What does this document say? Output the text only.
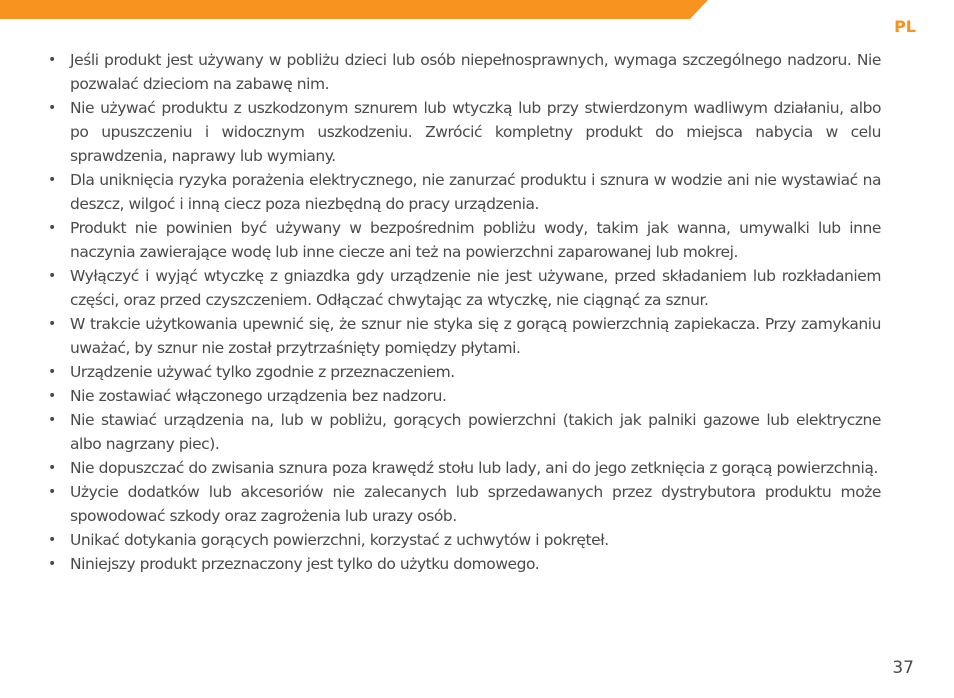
PL
• Jeśli produkt jest używany w pobliżu dzieci lub osób niepełnosprawnych, wymaga szczególnego nadzoru. Nie pozwalać dzieciom na zabawę nim.
• Nie używać produktu z uszkodzonym sznurem lub wtyczką lub przy stwierdzonym wadliwym działaniu, albo po upuszczeniu i widocznym uszkodzeniu. Zwrócić kompletny produkt do miejsca nabycia w celu sprawdzenia, naprawy lub wymiany.
• Dla uniknięcia ryzyka porażenia elektrycznego, nie zanurzać produktu i sznura w wodzie ani nie wystawiać na deszcz, wilgoć i inną ciecz poza niezbędną do pracy urządzenia.
• Produkt nie powinien być używany w bezpośrednim pobliżu wody, takim jak wanna, umywalki lub inne naczynia zawierające wodę lub inne ciecze ani też na powierzchni zaparowanej lub mokrej.
• Wyłączyć i wyjąć wtyczkę z gniazdka gdy urządzenie nie jest używane, przed składaniem lub rozkładaniem części, oraz przed czyszczeniem. Odłączać chwytając za wtyczkę, nie ciągnąć za sznur.
• W trakcie użytkowania upewnić się, że sznur nie styka się z gorącą powierzchnią zapiekacza. Przy zamykaniu uważać, by sznur nie został przytrzaśnięty pomiędzy płytami.
• Urządzenie używać tylko zgodnie z przeznaczeniem.
• Nie zostawiać włączonego urządzenia bez nadzoru.
• Nie stawiać urządzenia na, lub w pobliżu, gorących powierzchni (takich jak palniki gazowe lub elektryczne albo nagrzany piec).
• Nie dopuszczać do zwisania sznura poza krawędź stołu lub lady, ani do jego zetknięcia z gorącą powierzchnią.
• Użycie dodatków lub akcesoriów nie zalecanych lub sprzedawanych przez dystrybutora produktu może spowodować szkody oraz zagrożenia lub urazy osób.
• Unikać dotykania gorących powierzchni, korzystać z uchwytów i pokręteł.
• Niniejszy produkt przeznaczony jest tylko do użytku domowego.
37
